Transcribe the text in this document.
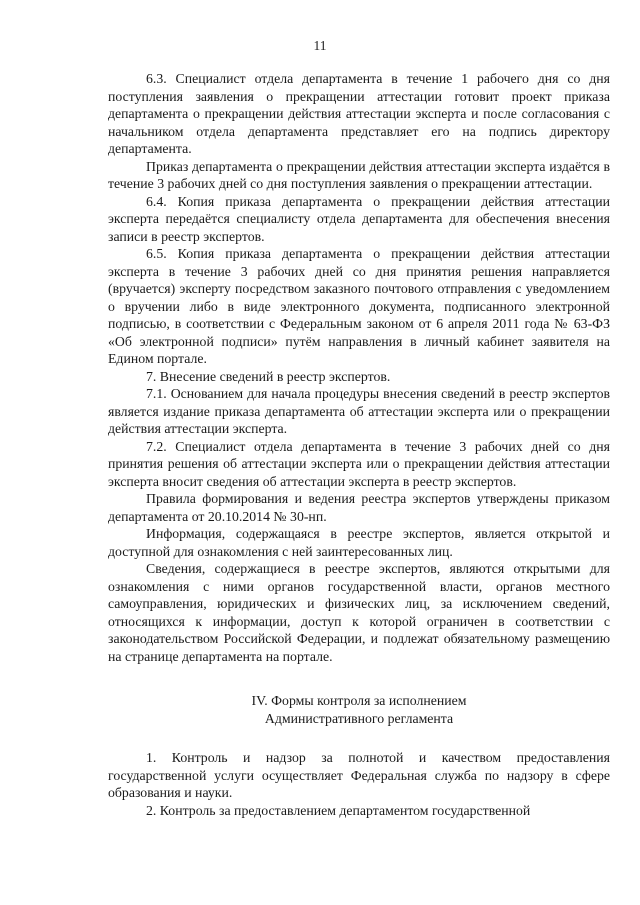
11

6.3. Специалист отдела департамента в течение 1 рабочего дня со дня поступления заявления о прекращении аттестации готовит проект приказа департамента о прекращении действия аттестации эксперта и после согласования с начальником отдела департамента представляет его на подпись директору департамента.

Приказ департамента о прекращении действия аттестации эксперта издаётся в течение 3 рабочих дней со дня поступления заявления о прекращении аттестации.

6.4. Копия приказа департамента о прекращении действия аттестации эксперта передаётся специалисту отдела департамента для обеспечения внесения записи в реестр экспертов.

6.5. Копия приказа департамента о прекращении действия аттестации эксперта в течение 3 рабочих дней со дня принятия решения направляется (вручается) эксперту посредством заказного почтового отправления с уведомлением о вручении либо в виде электронного документа, подписанного электронной подписью, в соответствии с Федеральным законом от 6 апреля 2011 года № 63-ФЗ «Об электронной подписи» путём направления в личный кабинет заявителя на Едином портале.

7. Внесение сведений в реестр экспертов.

7.1. Основанием для начала процедуры внесения сведений в реестр экспертов является издание приказа департамента об аттестации эксперта или о прекращении действия аттестации эксперта.

7.2. Специалист отдела департамента в течение 3 рабочих дней со дня принятия решения об аттестации эксперта или о прекращении действия аттестации эксперта вносит сведения об аттестации эксперта в реестр экспертов.

Правила формирования и ведения реестра экспертов утверждены приказом департамента от 20.10.2014 № 30-нп.

Информация, содержащаяся в реестре экспертов, является открытой и доступной для ознакомления с ней заинтересованных лиц.

Сведения, содержащиеся в реестре экспертов, являются открытыми для ознакомления с ними органов государственной власти, органов местного самоуправления, юридических и физических лиц, за исключением сведений, относящихся к информации, доступ к которой ограничен в соответствии с законодательством Российской Федерации, и подлежат обязательному размещению на странице департамента на портале.

IV. Формы контроля за исполнением
Административного регламента

1. Контроль и надзор за полнотой и качеством предоставления государственной услуги осуществляет Федеральная служба по надзору в сфере образования и науки.

2. Контроль за предоставлением департаментом государственной
